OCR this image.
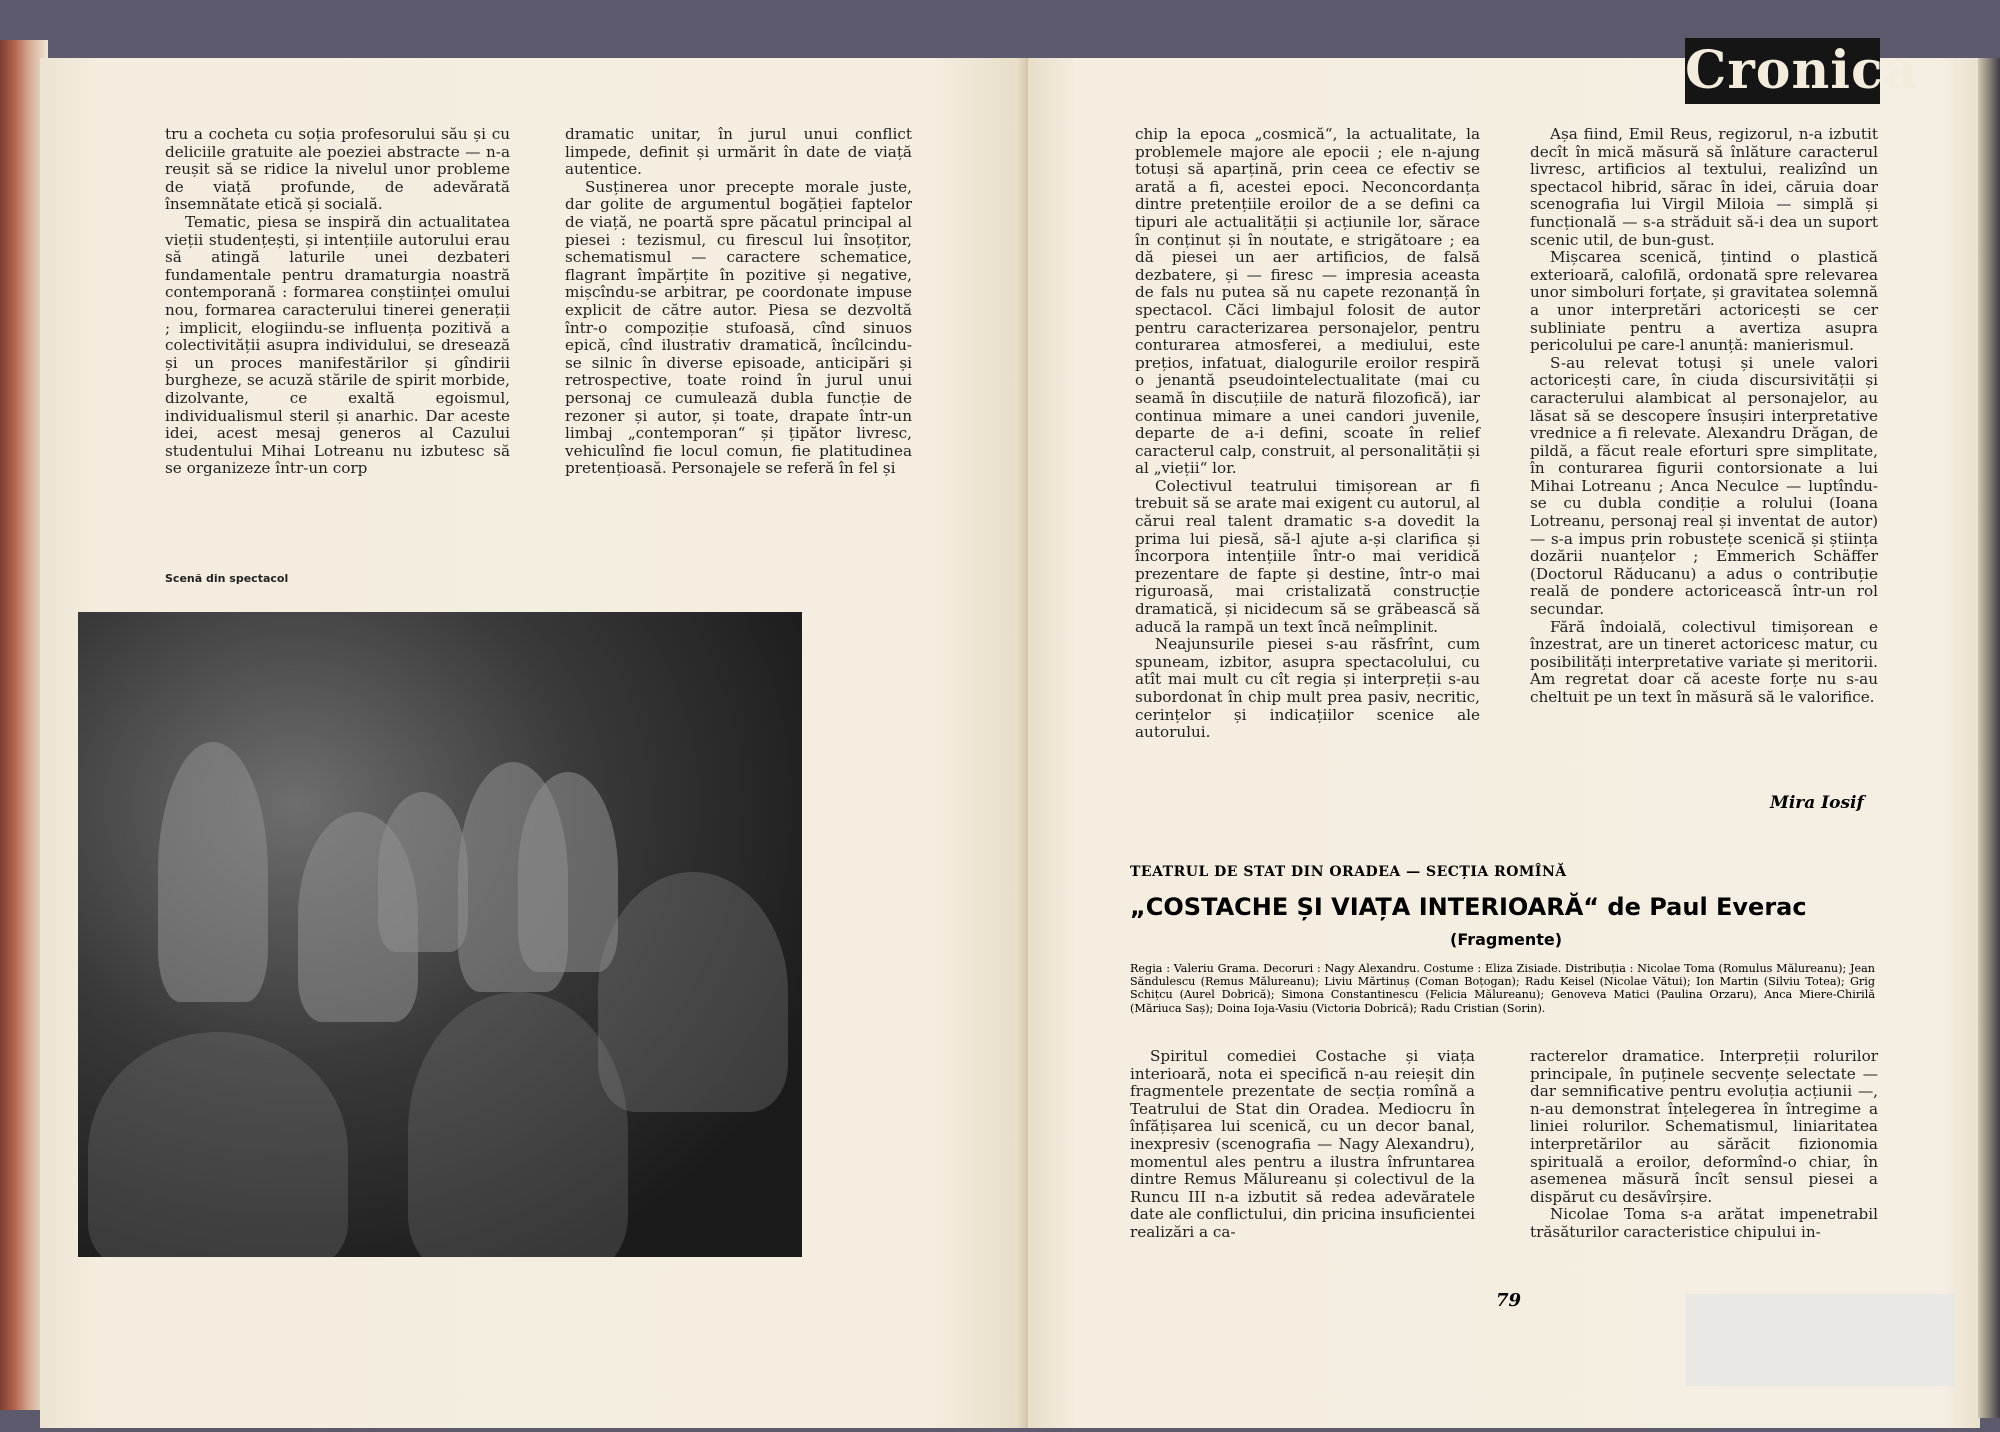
tru a cocheta cu soția profesorului său și cu deliciile gratuite ale poeziei abstracte — n-a reușit să se ridice la nivelul unor probleme de viață profunde, de adevărată însemnătate etică și socială.

Tematic, piesa se inspiră din actualitatea vieții studențești, și intențiile autorului erau să atingă laturile unei dezbateri fundamentale pentru dramaturgia noastră contemporană : formarea conștiinței omului nou, formarea caracterului tinerei generații ; implicit, elogiindu-se influența pozitivă a colectivității asupra individului, se dresează și un proces manifestărilor și gîndirii burgheze, se acuză stările de spirit morbide, dizolvante, ce exaltă egoismul, individualismul steril și anarhic. Dar aceste idei, acest mesaj generos al Cazului studentului Mihai Lotreanu nu izbutesc să se organizeze într-un corp

dramatic unitar, în jurul unui conflict limpede, definit și urmărit în date de viață autentice.

Susținerea unor precepte morale juste, dar golite de argumentul bogăției faptelor de viață, ne poartă spre păcatul principal al piesei : tezismul, cu firescul lui însoțitor, schematismul — caractere schematice, flagrant împărțite în pozitive și negative, mișcîndu-se arbitrar, pe coordonate impuse explicit de către autor. Piesa se dezvoltă într-o compoziție stufoasă, cînd sinuos epică, cînd ilustrativ dramatică, încîlcindu-se silnic în diverse episoade, anticipări și retrospective, toate roind în jurul unui personaj ce cumulează dubla funcție de rezoner și autor, și toate, drapate într-un limbaj „contemporan“ și țipător livresc, vehiculînd fie locul comun, fie platitudinea pretențioasă. Personajele se referă în fel și

Scenă din spectacol
Cronica

chip la epoca „cosmică“, la actualitate, la problemele majore ale epocii ; ele n-ajung totuși să aparțină, prin ceea ce efectiv se arată a fi, acestei epoci. Neconcordanța dintre pretențiile eroilor de a se defini ca tipuri ale actualității și acțiunile lor, sărace în conținut și în noutate, e strigătoare ; ea dă piesei un aer artificios, de falsă dezbatere, și — firesc — impresia aceasta de fals nu putea să nu capete rezonanță în spectacol. Căci limbajul folosit de autor pentru caracterizarea personajelor, pentru conturarea atmosferei, a mediului, este prețios, infatuat, dialogurile eroilor respiră o jenantă pseudointelectualitate (mai cu seamă în discuțiile de natură filozofică), iar continua mimare a unei candori juvenile, departe de a-i defini, scoate în relief caracterul calp, construit, al personalității și al „vieții“ lor.

Colectivul teatrului timișorean ar fi trebuit să se arate mai exigent cu autorul, al cărui real talent dramatic s-a dovedit la prima lui piesă, să-l ajute a-și clarifica și încorpora intențiile într-o mai veridică prezentare de fapte și destine, într-o mai riguroasă, mai cristalizată construcție dramatică, și nicidecum să se grăbească să aducă la rampă un text încă neîmplinit.

Neajunsurile piesei s-au răsfrînt, cum spuneam, izbitor, asupra spectacolului, cu atît mai mult cu cît regia și interpreții s-au subordonat în chip mult prea pasiv, necritic, cerințelor și indicațiilor scenice ale autorului.

Așa fiind, Emil Reus, regizorul, n-a izbutit decît în mică măsură să înlăture caracterul livresc, artificios al textului, realizînd un spectacol hibrid, sărac în idei, căruia doar scenografia lui Virgil Miloia — simplă și funcțională — s-a străduit să-i dea un suport scenic util, de bun-gust.

Mișcarea scenică, țintind o plastică exterioară, calofilă, ordonată spre relevarea unor simboluri forțate, și gravitatea solemnă a unor interpretări actoricești se cer subliniate pentru a avertiza asupra pericolului pe care-l anunță: manierismul.

S-au relevat totuși și unele valori actoricești care, în ciuda discursivității și caracterului alambicat al personajelor, au lăsat să se descopere însușiri interpretative vrednice a fi relevate. Alexandru Drăgan, de pildă, a făcut reale eforturi spre simplitate, în conturarea figurii contorsionate a lui Mihai Lotreanu ; Anca Neculce — luptîndu-se cu dubla condiție a rolului (Ioana Lotreanu, personaj real și inventat de autor) — s-a impus prin robustețe scenică și știința dozării nuanțelor ; Emmerich Schäffer (Doctorul Răducanu) a adus o contribuție reală de pondere actoricească într-un rol secundar.

Fără îndoială, colectivul timișorean e înzestrat, are un tineret actoricesc matur, cu posibilități interpretative variate și meritorii. Am regretat doar că aceste forțe nu s-au cheltuit pe un text în măsură să le valorifice.

Mira Iosif
TEATRUL DE STAT DIN ORADEA — SECȚIA ROMÎNĂ
„COSTACHE ȘI VIAȚA INTERIOARĂ“ de Paul Everac
(Fragmente)
Regia : Valeriu Grama. Decoruri : Nagy Alexandru. Costume : Eliza Zisiade. Distribuția : Nicolae Toma (Romulus Mălureanu); Jean Săndulescu (Remus Mălureanu); Liviu Mărtinuș (Coman Boțogan); Radu Keisel (Nicolae Vătui); Ion Martin (Silviu Totea); Grig Schițcu (Aurel Dobrică); Simona Constantinescu (Felicia Mălureanu); Genoveva Matici (Paulina Orzaru), Anca Miere-Chirilă (Măriuca Saș); Doina Ioja-Vasiu (Victoria Dobrică); Radu Cristian (Sorin).

Spiritul comediei Costache și viața interioară, nota ei specifică n-au reieșit din fragmentele prezentate de secția romînă a Teatrului de Stat din Oradea. Mediocru în înfățișarea lui scenică, cu un decor banal, inexpresiv (scenografia — Nagy Alexandru), momentul ales pentru a ilustra înfruntarea dintre Remus Mălureanu și colectivul de la Runcu III n-a izbutit să redea adevăratele date ale conflictului, din pricina insuficientei realizări a ca-

racterelor dramatice. Interpreții rolurilor principale, în puținele secvențe selectate — dar semnificative pentru evoluția acțiunii —, n-au demonstrat înțelegerea în întregime a liniei rolurilor. Schematismul, liniaritatea interpretărilor au sărăcit fizionomia spirituală a eroilor, deformînd-o chiar, în asemenea măsură încît sensul piesei a dispărut cu desăvîrșire.

Nicolae Toma s-a arătat impenetrabil trăsăturilor caracteristice chipului in-

79
